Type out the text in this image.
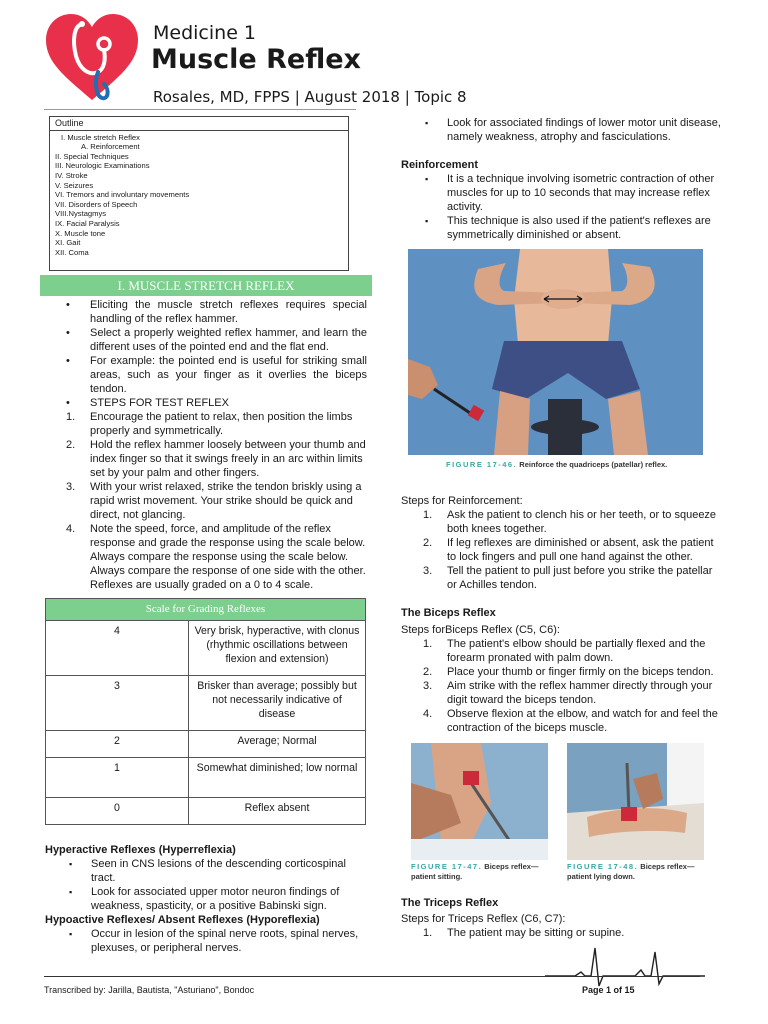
Medicine 1
Muscle Reflex
Rosales, MD, FPPS | August 2018 | Topic 8
Outline
I. Muscle stretch Reflex
A. Reinforcement
II. Special Techniques
III. Neurologic Examinations
IV. Stroke
V. Seizures
VI. Tremors and involuntary movements
VII. Disorders of Speech
VIII.Nystagmys
IX. Facial Paralysis
X. Muscle tone
XI. Gait
XII. Coma
I. MUSCLE STRETCH REFLEX
• Eliciting the muscle stretch reflexes requires special handling of the reflex hammer.
• Select a properly weighted reflex hammer, and learn the different uses of the pointed end and the flat end.
• For example: the pointed end is useful for striking small areas, such as your finger as it overlies the biceps tendon.
• STEPS FOR TEST REFLEX
1. Encourage the patient to relax, then position the limbs properly and symmetrically.
2. Hold the reflex hammer loosely between your thumb and index finger so that it swings freely in an arc within limits set by your palm and other fingers.
3. With your wrist relaxed, strike the tendon briskly using a rapid wrist movement. Your strike should be quick and direct, not glancing.
4. Note the speed, force, and amplitude of the reflex response and grade the response using the scale below. Always compare the response using the scale below. Always compare the response of one side with the other. Reflexes are usually graded on a 0 to 4 scale.
Scale for Grading Reflexes	
4	Very brisk, hyperactive, with clonus (rhythmic oscillations between flexion and extension)
3	Brisker than average; possibly but not necessarily indicative of disease
2	Average; Normal
1	Somewhat diminished; low normal
0	Reflex absent
Hyperactive Reflexes (Hyperreflexia)
▪ Seen in CNS lesions of the descending corticospinal tract.
▪ Look for associated upper motor neuron findings of weakness, spasticity, or a positive Babinski sign.
Hypoactive Reflexes/ Absent Reflexes (Hyporeflexia)
▪ Occur in lesion of the spinal nerve roots, spinal nerves, plexuses, or peripheral nerves.
▪ Look for associated findings of lower motor unit disease, namely weakness, atrophy and fasciculations.
Reinforcement
▪ It is a technique involving isometric contraction of other muscles for up to 10 seconds that may increase reflex activity.
▪ This technique is also used if the patient's reflexes are symmetrically diminished or absent.
FIGURE 17-46. Reinforce the quadriceps (patellar) reflex.
Steps for Reinforcement:
1. Ask the patient to clench his or her teeth, or to squeeze both knees together.
2. If leg reflexes are diminished or absent, ask the patient to lock fingers and pull one hand against the other.
3. Tell the patient to pull just before you strike the patellar or Achilles tendon.
The Biceps Reflex
Steps forBiceps Reflex (C5, C6):
1. The patient's elbow should be partially flexed and the forearm pronated with palm down.
2. Place your thumb or finger firmly on the biceps tendon.
3. Aim strike with the reflex hammer directly through your digit toward the biceps tendon.
4. Observe flexion at the elbow, and watch for and feel the contraction of the biceps muscle.
FIGURE 17-47. Biceps reflex—
patient sitting.
FIGURE 17-48. Biceps reflex—
patient lying down.
The Triceps Reflex
Steps for Triceps Reflex (C6, C7):
1. The patient may be sitting or supine.
Transcribed by: Jarilla, Bautista, "Asturiano", Bondoc	Page 1 of 15
